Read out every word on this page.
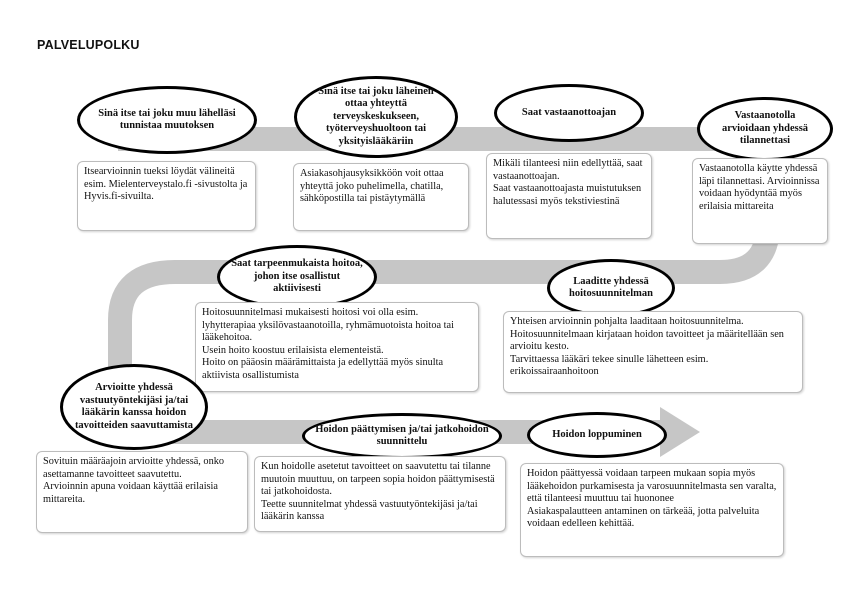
PALVELUPOLKU
Sinä itse tai joku muu lähelläsi tunnistaa muutoksen

Itsearvioinnin tueksi löydät välineitä esim. Mielenterveystalo.fi -sivustolta ja Hyvis.fi-sivuilta.

Sinä itse tai joku läheinen ottaa yhteyttä terveyskeskukseen, työterveyshuoltoon tai yksityislääkäriin

Asiakasohjausyksikköön voit ottaa yhteyttä joko puhelimella, chatilla, sähköpostilla tai pistäytymällä

Saat vastaanottoajan

Mikäli tilanteesi niin edellyttää, saat vastaanottoajan.

Saat vastaanottoajasta muistutuksen halutessasi myös tekstiviestinä

Vastaanotolla arvioidaan yhdessä tilannettasi

Vastaanotolla käytte yhdessä läpi tilannettasi. Arvioinnissa voidaan hyödyntää myös erilaisia mittareita

Laaditte yhdessä hoitosuunnitelman

Yhteisen arvioinnin pohjalta laaditaan hoitosuunnitelma.

Hoitosuunnitelmaan kirjataan hoidon tavoitteet ja määritellään sen arvioitu kesto.

Tarvittaessa lääkäri tekee sinulle lähetteen esim. erikoissairaanhoitoon

Saat tarpeenmukaista hoitoa, johon itse osallistut aktiivisesti

Hoitosuunnitelmasi mukaisesti hoitosi voi olla esim. lyhytterapiaa yksilövastaanotoilla, ryhmämuotoista hoitoa tai lääkehoitoa.

Usein hoito koostuu erilaisista elementeistä.

Hoito on pääosin määrämittaista ja edellyttää myös sinulta aktiivista osallistumista

Arvioitte yhdessä vastuutyöntekijäsi ja/tai lääkärin kanssa hoidon tavoitteiden saavuttamista

Sovituin määräajoin arvioitte yhdessä, onko asettamanne tavoitteet saavutettu.

Arvioinnin apuna voidaan käyttää erilaisia mittareita.

Hoidon päättymisen ja/tai jatkohoidon suunnittelu

Kun hoidolle asetetut tavoitteet on saavutettu tai tilanne muutoin muuttuu, on tarpeen sopia hoidon päättymisestä tai jatkohoidosta.

Teette suunnitelmat yhdessä vastuutyöntekijäsi ja/tai lääkärin kanssa

Hoidon loppuminen

Hoidon päättyessä voidaan tarpeen mukaan sopia myös lääkehoidon purkamisesta ja varosuunnitelmasta sen varalta, että tilanteesi muuttuu tai huononee

Asiakaspalautteen antaminen on tärkeää, jotta palveluita voidaan edelleen kehittää.
